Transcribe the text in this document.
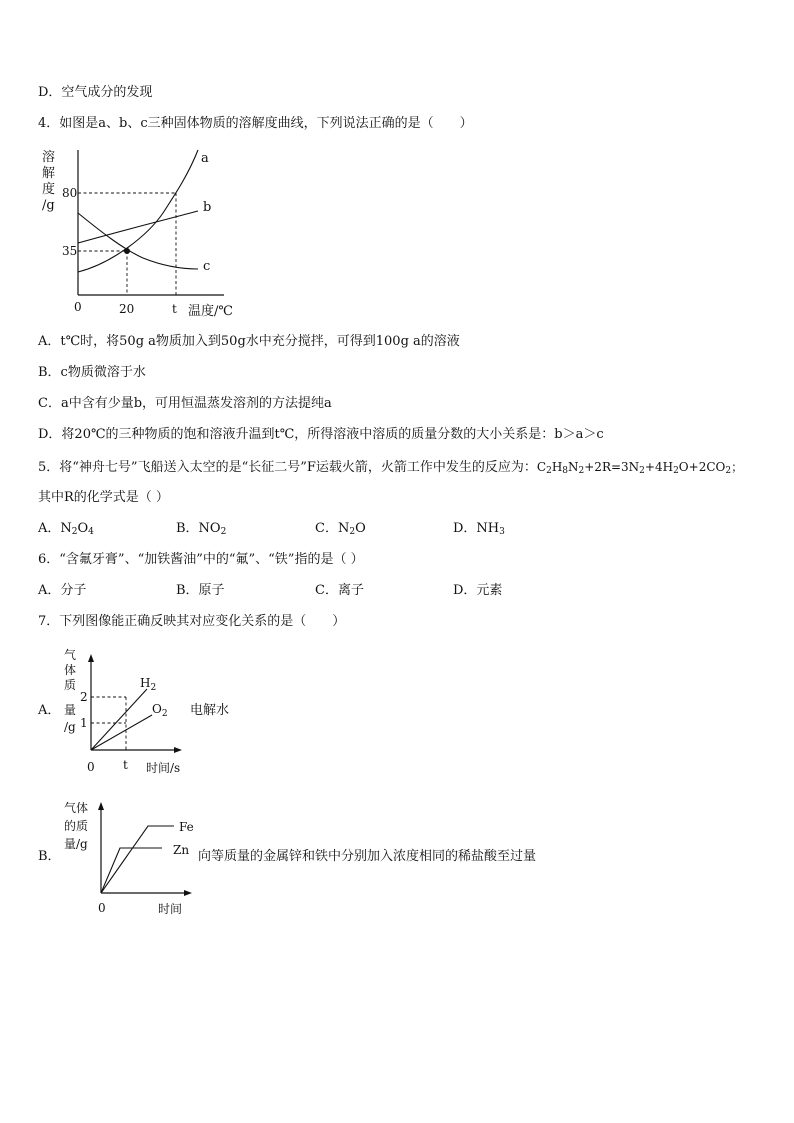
D．空气成分的发现
4．如图是a、b、c三种固体物质的溶解度曲线，下列说法正确的是（　　）
溶
解
度
/g
a
b
c
80
35
0	20	t 温度/℃
A．t℃时，将50g a物质加入到50g水中充分搅拌，可得到100g a的溶液
B．c物质微溶于水
C．a中含有少量b，可用恒温蒸发溶剂的方法提纯a
D．将20℃的三种物质的饱和溶液升温到t℃，所得溶液中溶质的质量分数的大小关系是：b＞a＞c
5．将“神舟七号”飞船送入太空的是“长征二号”F运载火箭，火箭工作中发生的反应为：$C_2H_8N_2+2R=3N_2+4H_2O+2CO_2$；
其中R的化学式是（ ）
A．$N_2O_4$	B．$NO_2$	C．$N_2O$	D．$NH_3$
6．“含氟牙膏”、“加铁酱油”中的“氟”、“铁”指的是（ ）
A．分子	B．原子	C．离子	D．元素
7．下列图像能正确反映其对应变化关系的是（　　）
A．
气
体
质
量
/g
2
1
$H_2$
$O_2$
0 t 时间/s
电解水
B．
气体
的质
量/g
Fe
Zn
0	时间
向等质量的金属锌和铁中分别加入浓度相同的稀盐酸至过量
